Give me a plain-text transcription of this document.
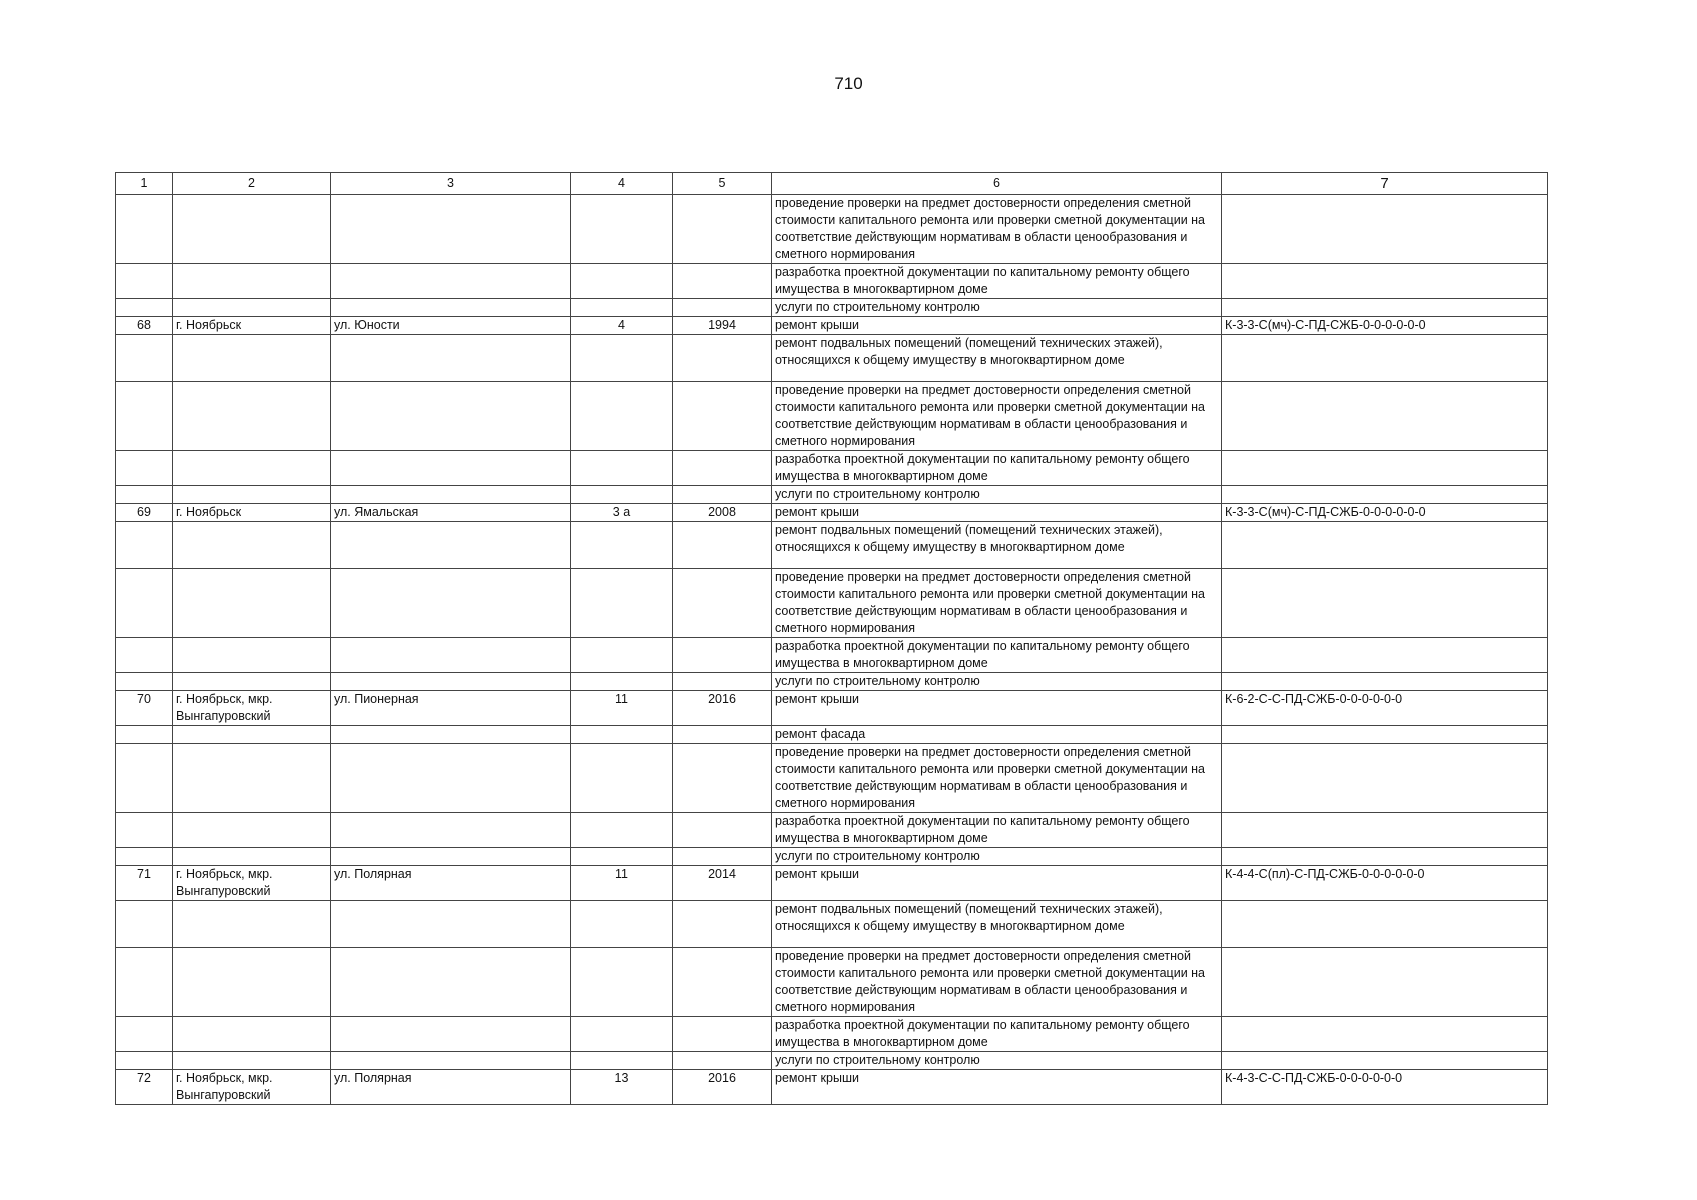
710
1	2	3	4	5	6	7
					проведение проверки на предмет достоверности определения сметной стоимости капитального ремонта или проверки сметной документации на соответствие действующим нормативам в области ценообразования и сметного нормирования	
					разработка проектной документации по капитальному ремонту общего имущества в многоквартирном доме	
					услуги по строительному контролю	
68	г. Ноябрьск	ул. Юности	4	1994	ремонт крыши	К-3-3-С(мч)-С-ПД-СЖБ-0-0-0-0-0-0
					ремонт подвальных помещений (помещений технических этажей), относящихся к общему имуществу в многоквартирном доме	
					проведение проверки на предмет достоверности определения сметной стоимости капитального ремонта или проверки сметной документации на соответствие действующим нормативам в области ценообразования и сметного нормирования	
					разработка проектной документации по капитальному ремонту общего имущества в многоквартирном доме	
					услуги по строительному контролю	
69	г. Ноябрьск	ул. Ямальская	3 а	2008	ремонт крыши	К-3-3-С(мч)-С-ПД-СЖБ-0-0-0-0-0-0
					ремонт подвальных помещений (помещений технических этажей), относящихся к общему имуществу в многоквартирном доме	
					проведение проверки на предмет достоверности определения сметной стоимости капитального ремонта или проверки сметной документации на соответствие действующим нормативам в области ценообразования и сметного нормирования	
					разработка проектной документации по капитальному ремонту общего имущества в многоквартирном доме	
					услуги по строительному контролю	
70	г. Ноябрьск, мкр. Вынгапуровский	ул. Пионерная	11	2016	ремонт крыши	К-6-2-С-С-ПД-СЖБ-0-0-0-0-0-0
					ремонт фасада	
					проведение проверки на предмет достоверности определения сметной стоимости капитального ремонта или проверки сметной документации на соответствие действующим нормативам в области ценообразования и сметного нормирования	
					разработка проектной документации по капитальному ремонту общего имущества в многоквартирном доме	
					услуги по строительному контролю	
71	г. Ноябрьск, мкр. Вынгапуровский	ул. Полярная	11	2014	ремонт крыши	К-4-4-С(пл)-С-ПД-СЖБ-0-0-0-0-0-0
					ремонт подвальных помещений (помещений технических этажей), относящихся к общему имуществу в многоквартирном доме	
					проведение проверки на предмет достоверности определения сметной стоимости капитального ремонта или проверки сметной документации на соответствие действующим нормативам в области ценообразования и сметного нормирования	
					разработка проектной документации по капитальному ремонту общего имущества в многоквартирном доме	
					услуги по строительному контролю	
72	г. Ноябрьск, мкр. Вынгапуровский	ул. Полярная	13	2016	ремонт крыши	К-4-3-С-С-ПД-СЖБ-0-0-0-0-0-0
